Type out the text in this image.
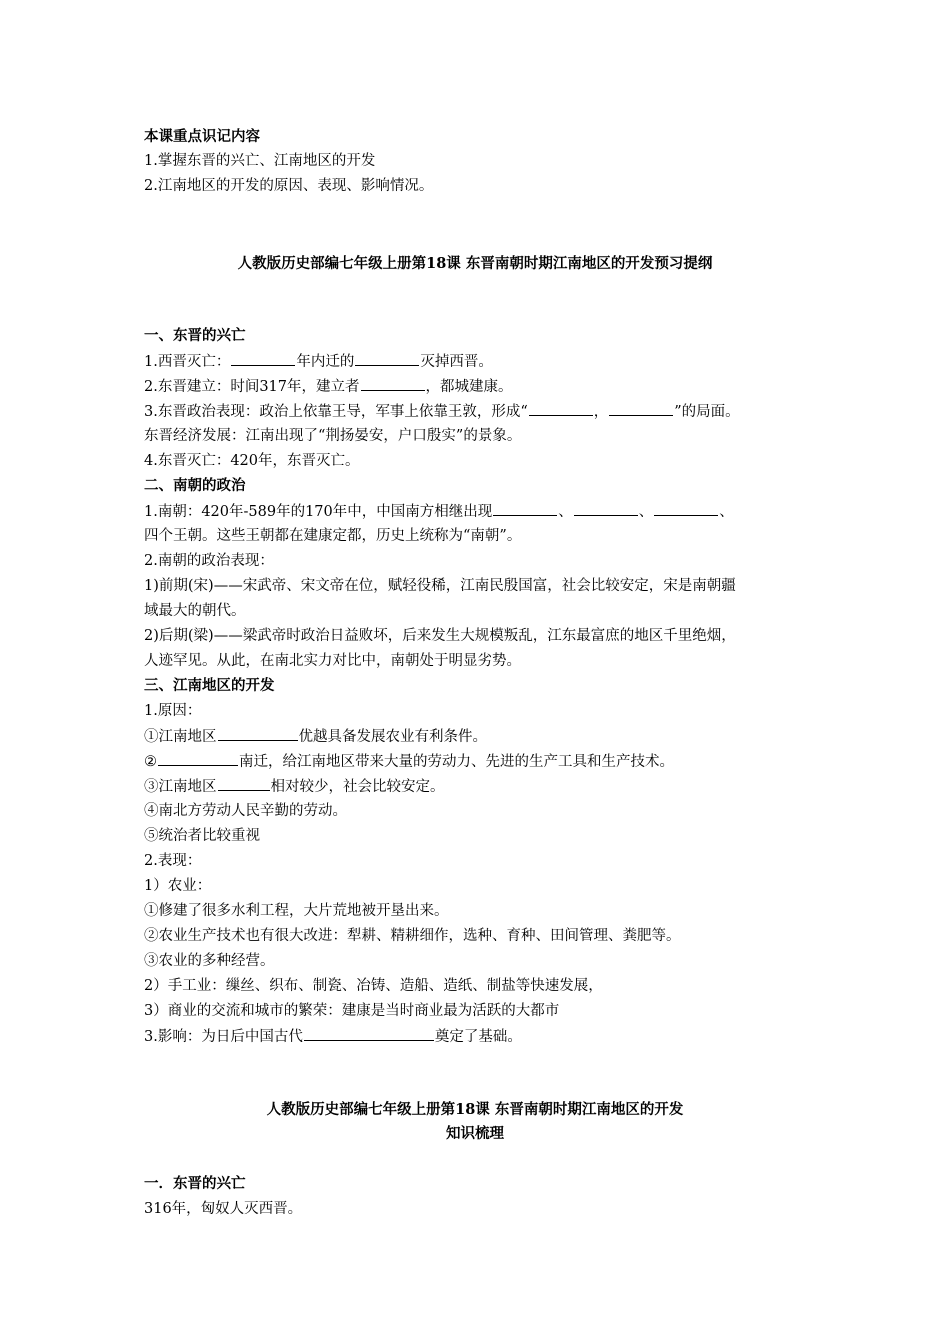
本课重点识记内容
1.掌握东晋的兴亡、江南地区的开发
2.江南地区的开发的原因、表现、影响情况。
人教版历史部编七年级上册第18课 东晋南朝时期江南地区的开发预习提纲
一、东晋的兴亡
1.西晋灭亡：	年内迁的	灭掉西晋。
2.东晋建立：时间317年，建立者	，都城建康。
3.东晋政治表现：政治上依靠王导，军事上依靠王敦，形成“	，	”的局面。
东晋经济发展：江南出现了“荆扬晏安，户口殷实”的景象。
4.东晋灭亡：420年，东晋灭亡。
二、南朝的政治
1.南朝：420年-589年的170年中，中国南方相继出现	、	、	、
四个王朝。这些王朝都在建康定都，历史上统称为“南朝”。
2.南朝的政治表现：
1)前期(宋)——宋武帝、宋文帝在位，赋轻役稀，江南民殷国富，社会比较安定，宋是南朝疆
域最大的朝代。
2)后期(梁)——梁武帝时政治日益败坏，后来发生大规模叛乱，江东最富庶的地区千里绝烟，
人迹罕见。从此，在南北实力对比中，南朝处于明显劣势。
三、江南地区的开发
1.原因：
①江南地区	优越具备发展农业有利条件。
②	南迁，给江南地区带来大量的劳动力、先进的生产工具和生产技术。
③江南地区	相对较少，社会比较安定。
④南北方劳动人民辛勤的劳动。
⑤统治者比较重视
2.表现：
1）农业：
①修建了很多水利工程，大片荒地被开垦出来。
②农业生产技术也有很大改进：犁耕、精耕细作，选种、育种、田间管理、粪肥等。
③农业的多种经营。
2）手工业：缫丝、织布、制瓷、冶铸、造船、造纸、制盐等快速发展，
3）商业的交流和城市的繁荣：建康是当时商业最为活跃的大都市
3.影响：为日后中国古代	奠定了基础。
人教版历史部编七年级上册第18课 东晋南朝时期江南地区的开发
知识梳理
一．东晋的兴亡
316年，匈奴人灭西晋。
